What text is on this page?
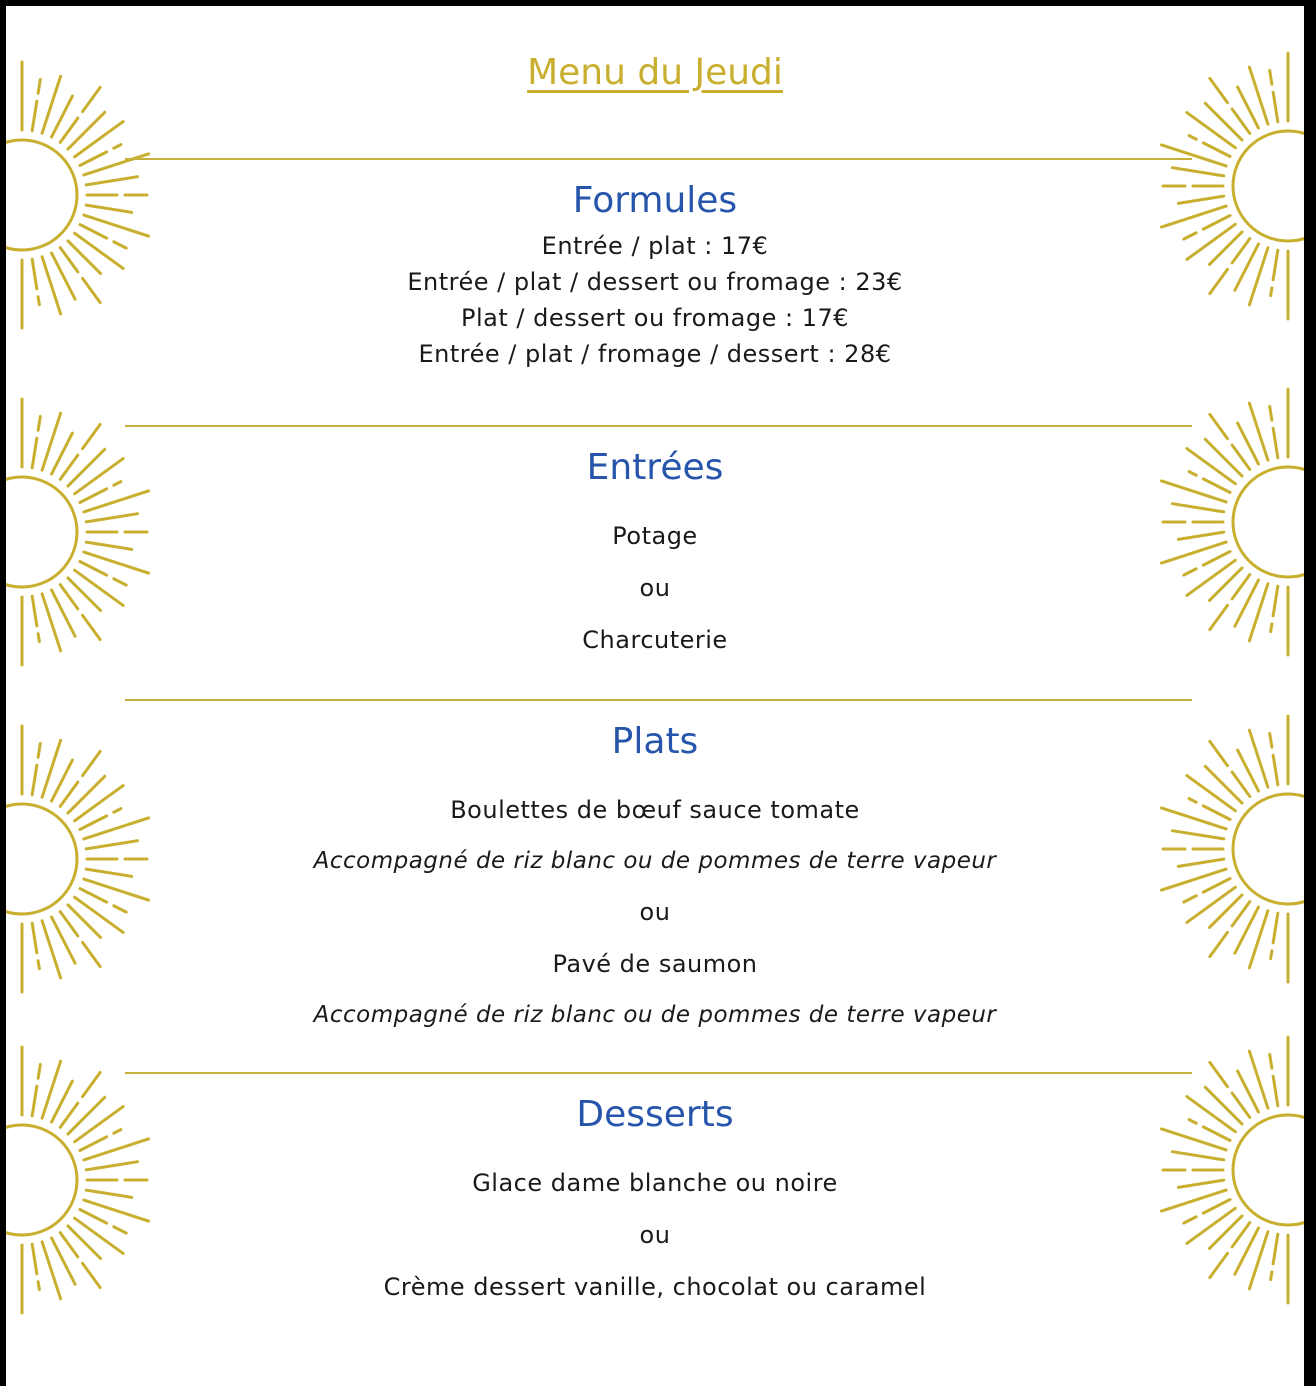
Menu du Jeudi
Formules
Entrée / plat : 17€
Entrée / plat / dessert ou fromage : 23€
Plat / dessert ou fromage : 17€
Entrée / plat / fromage / dessert : 28€
Entrées
Potage
ou
Charcuterie
Plats
Boulettes de bœuf sauce tomate
Accompagné de riz blanc ou de pommes de terre vapeur
ou
Pavé de saumon
Accompagné de riz blanc ou de pommes de terre vapeur
Desserts
Glace dame blanche ou noire
ou
Crème dessert vanille, chocolat ou caramel
